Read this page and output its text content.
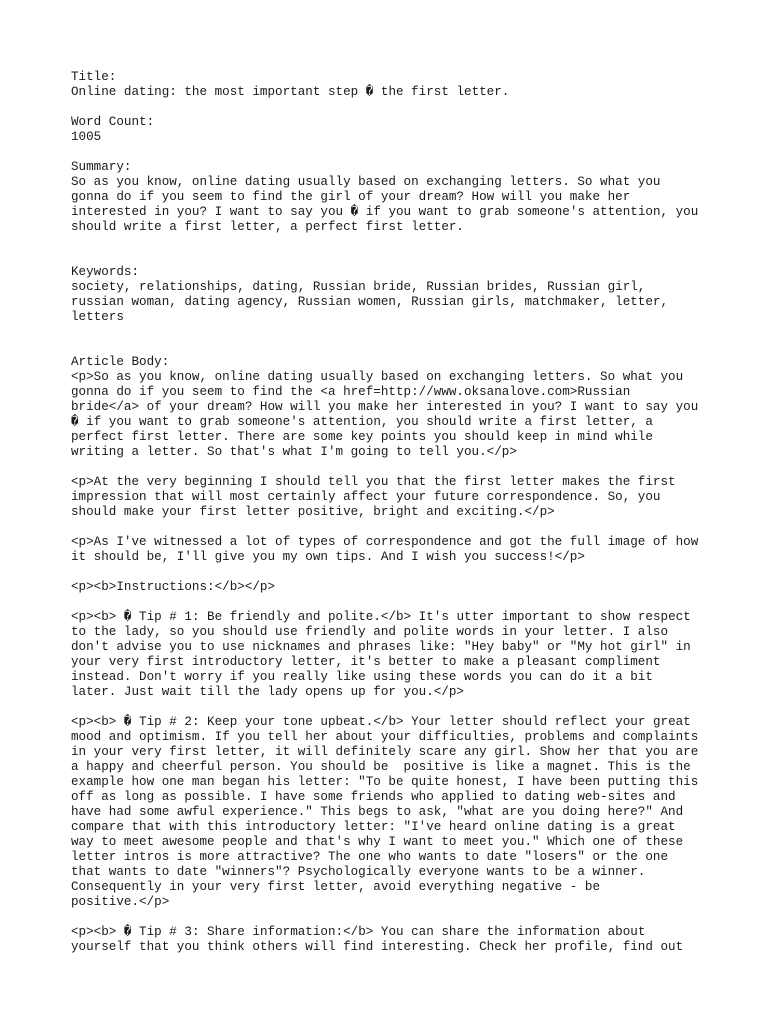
Title:
Online dating: the most important step � the first letter.
Word Count:
1005
Summary:
So as you know, online dating usually based on exchanging letters. So what you
gonna do if you seem to find the girl of your dream? How will you make her
interested in you? I want to say you � if you want to grab someone's attention, you
should write a first letter, a perfect first letter.
Keywords:
society, relationships, dating, Russian bride, Russian brides, Russian girl,
russian woman, dating agency, Russian women, Russian girls, matchmaker, letter,
letters
Article Body:
<p>So as you know, online dating usually based on exchanging letters. So what you
gonna do if you seem to find the <a href=http://www.oksanalove.com>Russian
bride</a> of your dream? How will you make her interested in you? I want to say you
� if you want to grab someone's attention, you should write a first letter, a
perfect first letter. There are some key points you should keep in mind while
writing a letter. So that's what I'm going to tell you.</p>
<p>At the very beginning I should tell you that the first letter makes the first
impression that will most certainly affect your future correspondence. So, you
should make your first letter positive, bright and exciting.</p>
<p>As I've witnessed a lot of types of correspondence and got the full image of how
it should be, I'll give you my own tips. And I wish you success!</p>
<p><b>Instructions:</b></p>
<p><b> � Tip # 1: Be friendly and polite.</b> It's utter important to show respect
to the lady, so you should use friendly and polite words in your letter. I also
don't advise you to use nicknames and phrases like: "Hey baby" or "My hot girl" in
your very first introductory letter, it's better to make a pleasant compliment
instead. Don't worry if you really like using these words you can do it a bit
later. Just wait till the lady opens up for you.</p>
<p><b> � Tip # 2: Keep your tone upbeat.</b> Your letter should reflect your great
mood and optimism. If you tell her about your difficulties, problems and complaints
in your very first letter, it will definitely scare any girl. Show her that you are
a happy and cheerful person. You should be  positive is like a magnet. This is the
example how one man began his letter: "To be quite honest, I have been putting this
off as long as possible. I have some friends who applied to dating web-sites and
have had some awful experience." This begs to ask, "what are you doing here?" And
compare that with this introductory letter: "I've heard online dating is a great
way to meet awesome people and that's why I want to meet you." Which one of these
letter intros is more attractive? The one who wants to date "losers" or the one
that wants to date "winners"? Psychologically everyone wants to be a winner.
Consequently in your very first letter, avoid everything negative - be
positive.</p>
<p><b> � Tip # 3: Share information:</b> You can share the information about
yourself that you think others will find interesting. Check her profile, find out
